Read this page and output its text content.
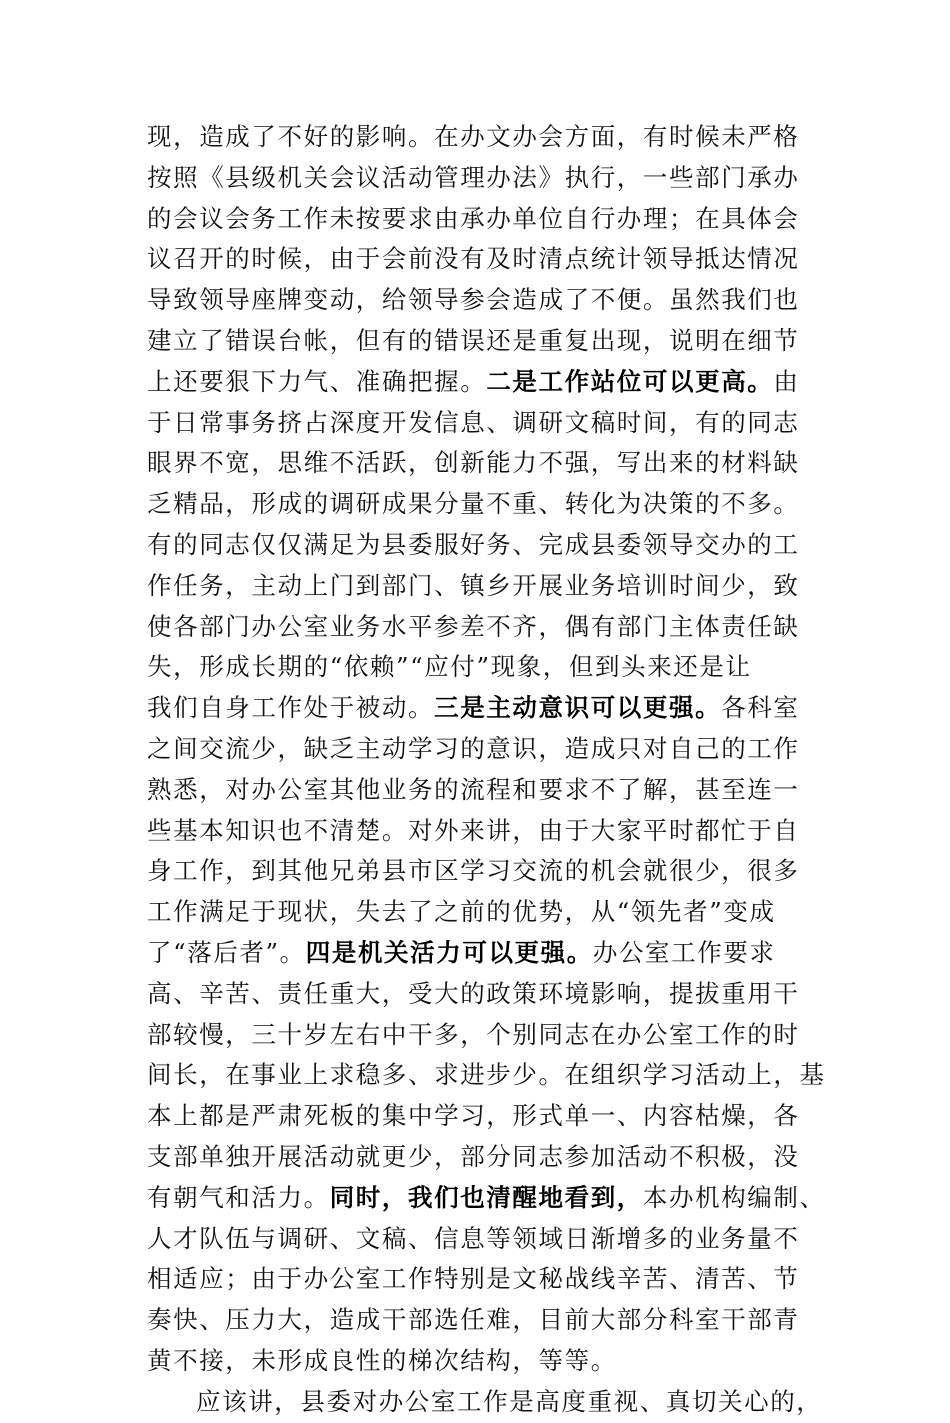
现，造成了不好的影响。在办文办会方面，有时候未严格
按照《县级机关会议活动管理办法》执行，一些部门承办
的会议会务工作未按要求由承办单位自行办理；在具体会
议召开的时候，由于会前没有及时清点统计领导抵达情况
导致领导座牌变动，给领导参会造成了不便。虽然我们也
建立了错误台帐，但有的错误还是重复出现，说明在细节
上还要狠下力气、准确把握。二是工作站位可以更高。由
于日常事务挤占深度开发信息、调研文稿时间，有的同志
眼界不宽，思维不活跃，创新能力不强，写出来的材料缺
乏精品，形成的调研成果分量不重、转化为决策的不多。
有的同志仅仅满足为县委服好务、完成县委领导交办的工
作任务，主动上门到部门、镇乡开展业务培训时间少，致
使各部门办公室业务水平参差不齐，偶有部门主体责任缺
失，形成长期的“依赖”“应付”现象，但到头来还是让
我们自身工作处于被动。三是主动意识可以更强。各科室
之间交流少，缺乏主动学习的意识，造成只对自己的工作
熟悉，对办公室其他业务的流程和要求不了解，甚至连一
些基本知识也不清楚。对外来讲，由于大家平时都忙于自
身工作，到其他兄弟县市区学习交流的机会就很少，很多
工作满足于现状，失去了之前的优势，从“领先者”变成
了“落后者”。四是机关活力可以更强。办公室工作要求
高、辛苦、责任重大，受大的政策环境影响，提拔重用干
部较慢，三十岁左右中干多，个别同志在办公室工作的时
间长，在事业上求稳多、求进步少。在组织学习活动上，基
本上都是严肃死板的集中学习，形式单一、内容枯燥，各
支部单独开展活动就更少，部分同志参加活动不积极，没
有朝气和活力。同时，我们也清醒地看到，本办机构编制、
人才队伍与调研、文稿、信息等领域日渐增多的业务量不
相适应；由于办公室工作特别是文秘战线辛苦、清苦、节
奏快、压力大，造成干部选任难，目前大部分科室干部青
黄不接，未形成良性的梯次结构，等等。
应该讲，县委对办公室工作是高度重视、真切关心的，
